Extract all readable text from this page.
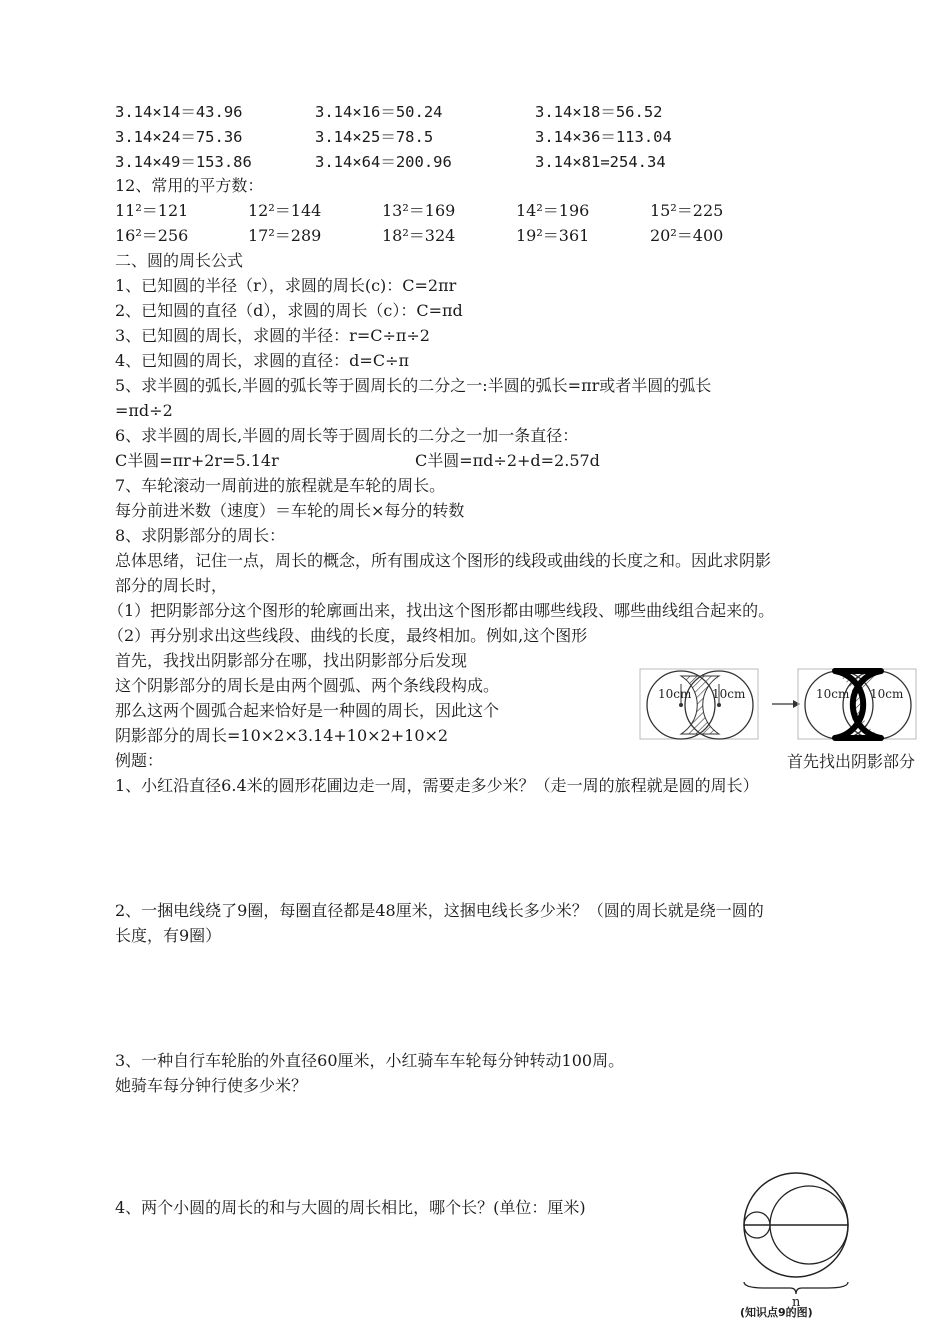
3.14×14＝43.96	3.14×16＝50.24	3.14×18＝56.52
3.14×24＝75.36	3.14×25＝78.5	3.14×36＝113.04
3.14×49＝153.86	3.14×64＝200.96	3.14×81=254.34
12、常用的平方数：
11²＝121	12²＝144	13²＝169	14²＝196	15²＝225
16²＝256	17²＝289	18²＝324	19²＝361	20²＝400
二、圆的周长公式
1、已知圆的半径（r），求圆的周长(c)：C=2πr
2、已知圆的直径（d），求圆的周长（c）：C=πd
3、已知圆的周长，求圆的半径：r=C÷π÷2
4、已知圆的周长，求圆的直径：d=C÷π
5、求半圆的弧长,半圆的弧长等于圆周长的二分之一:半圆的弧长=πr或者半圆的弧长
=πd÷2
6、求半圆的周长,半圆的周长等于圆周长的二分之一加一条直径：
C半圆=πr+2r=5.14r	C半圆=πd÷2+d=2.57d
7、车轮滚动一周前进的旅程就是车轮的周长。
每分前进米数（速度）＝车轮的周长×每分的转数
8、求阴影部分的周长：
总体思绪，记住一点，周长的概念，所有围成这个图形的线段或曲线的长度之和。因此求阴影
部分的周长时，
（1）把阴影部分这个图形的轮廓画出来，找出这个图形都由哪些线段、哪些曲线组合起来的。
（2）再分别求出这些线段、曲线的长度，最终相加。例如,这个图形
首先，我找出阴影部分在哪，找出阴影部分后发现
这个阴影部分的周长是由两个圆弧、两个条线段构成。
那么这两个圆弧合起来恰好是一种圆的周长，因此这个
阴影部分的周长=10×2×3.14+10×2+10×2
例题：
1、小红沿直径6.4米的圆形花圃边走一周，需要走多少米？（走一周的旅程就是圆的周长）
2、一捆电线绕了9圈，每圈直径都是48厘米，这捆电线长多少米？（圆的周长就是绕一圆的
长度，有9圈）
3、一种自行车轮胎的外直径60厘米，小红骑车车轮每分钟转动100周。
她骑车每分钟行使多少米？
4、两个小圆的周长的和与大圆的周长相比，哪个长？(单位：厘米)
10cm 10cm	10cm 10cm
首先找出阴影部分
n
(知识点9的图)
